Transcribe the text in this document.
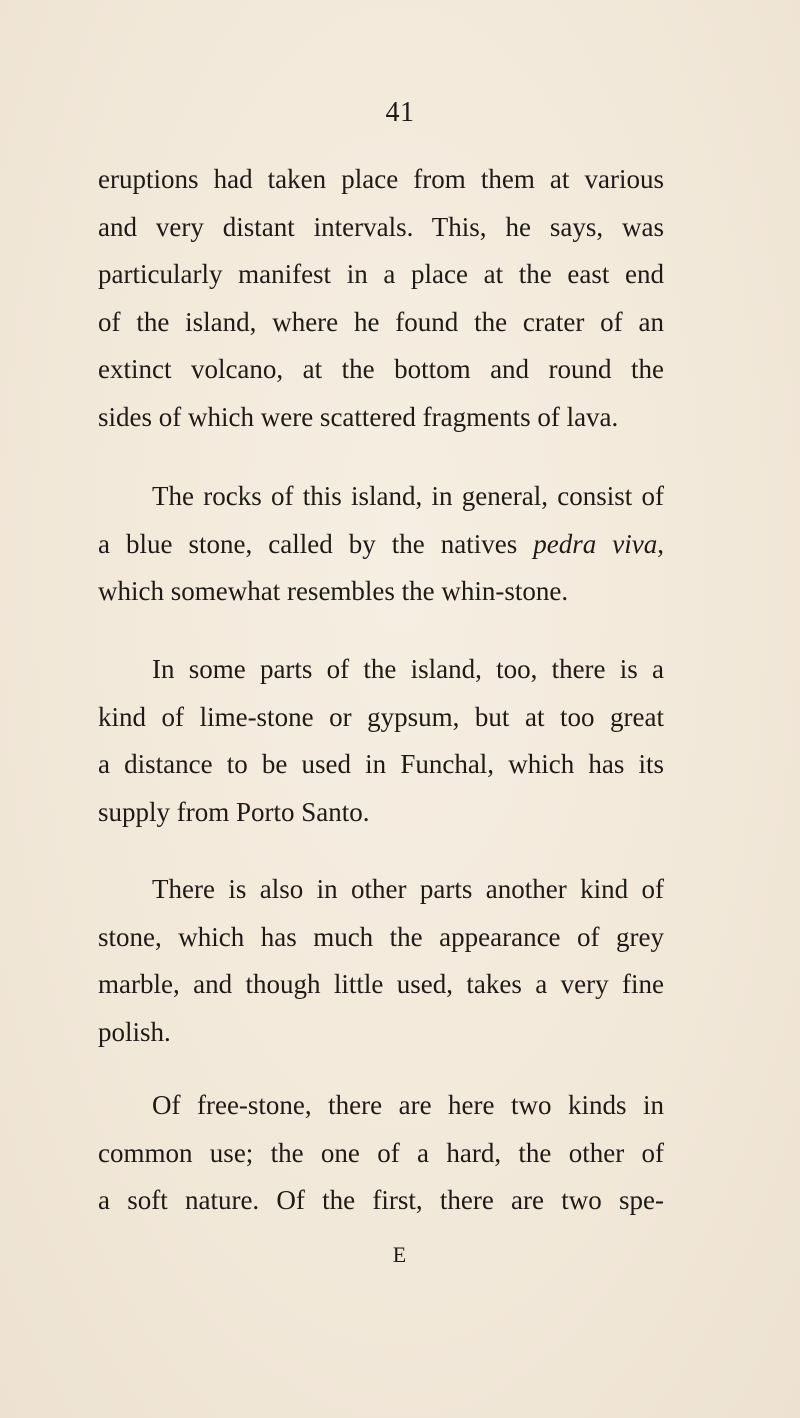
41

eruptions had taken place from them at various
and very distant intervals. This, he says, was
particularly manifest in a place at the east end
of the island, where he found the crater of an
extinct volcano, at the bottom and round the
sides of which were scattered fragments of lava.

The rocks of this island, in general, consist of
a blue stone, called by the natives pedra viva,
which somewhat resembles the whin-stone.

In some parts of the island, too, there is a
kind of lime-stone or gypsum, but at too great
a distance to be used in Funchal, which has its
supply from Porto Santo.

There is also in other parts another kind of
stone, which has much the appearance of grey
marble, and though little used, takes a very fine
polish.

Of free-stone, there are here two kinds in
common use; the one of a hard, the other of
a soft nature. Of the first, there are two spe-

E
